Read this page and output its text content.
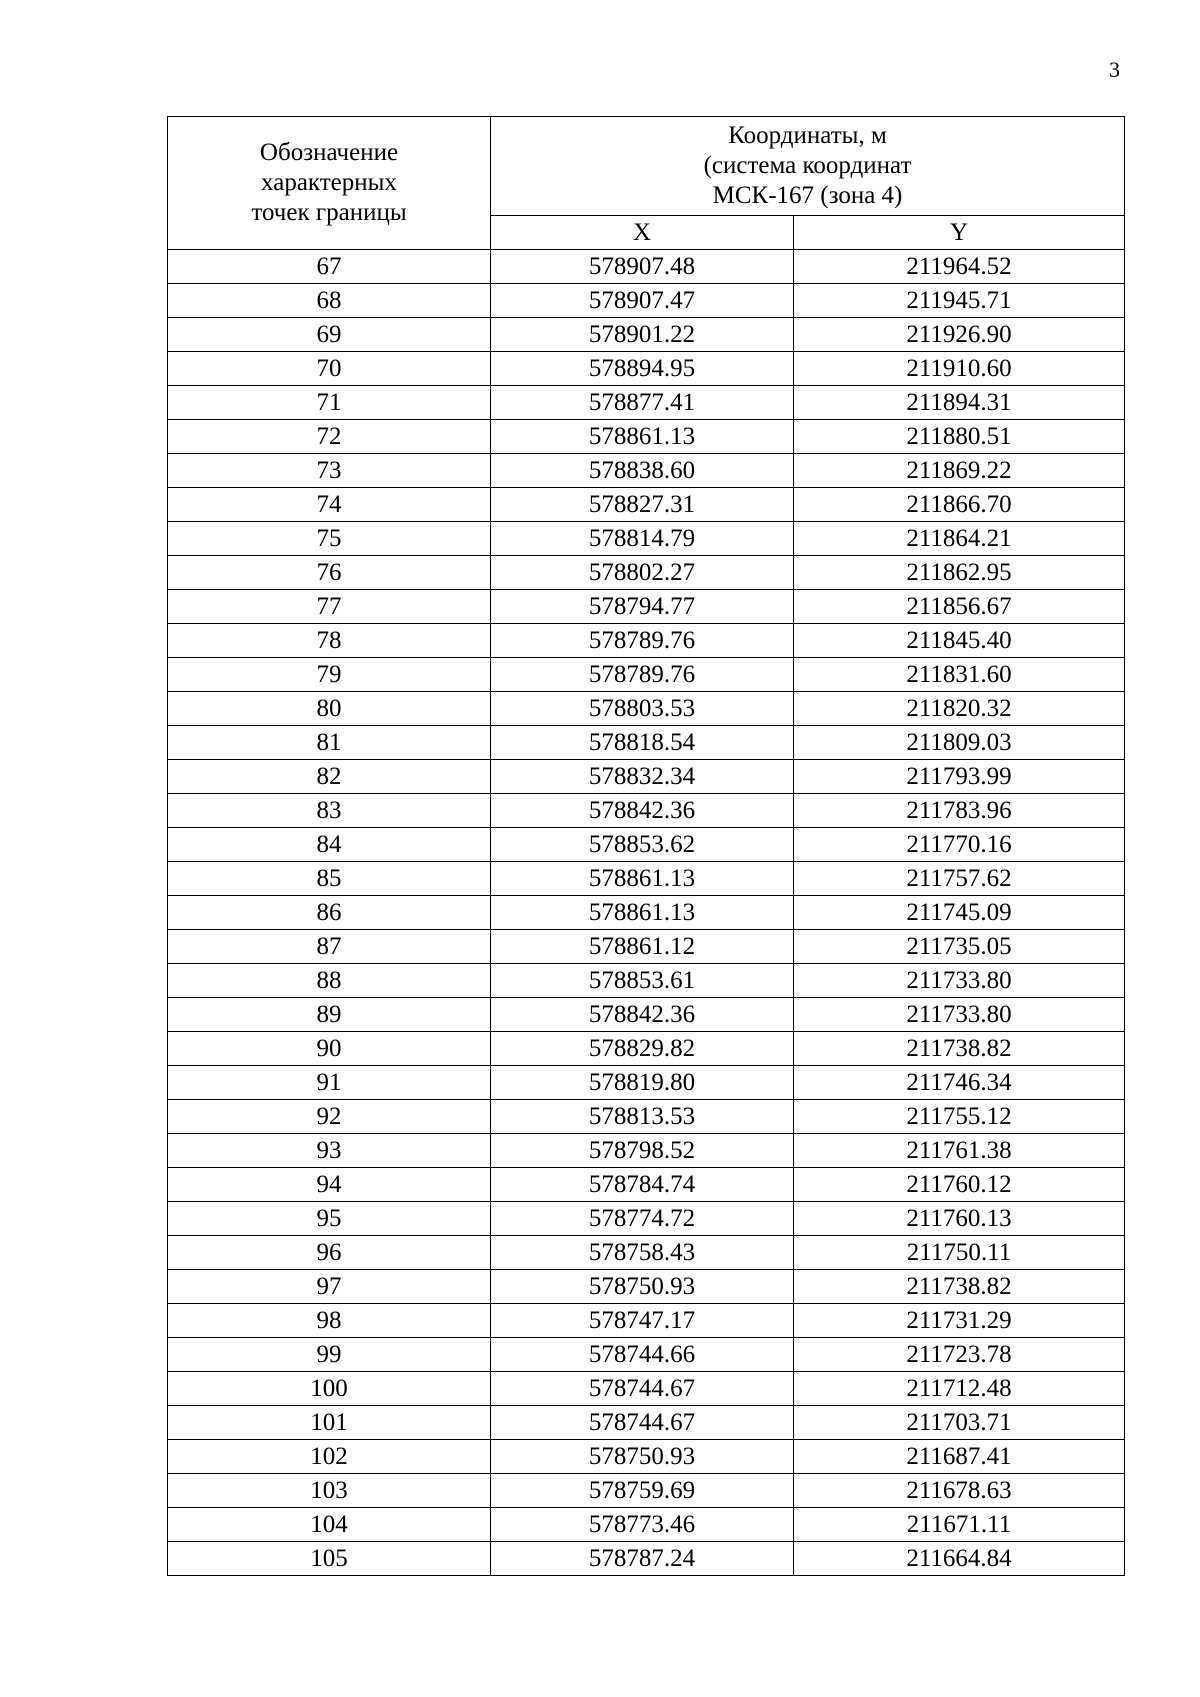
3
Обозначение
характерных
точек границы	Координаты, м
(система координат
МСК-167 (зона 4)	

	X	Y
67	578907.48	211964.52
68	578907.47	211945.71
69	578901.22	211926.90
70	578894.95	211910.60
71	578877.41	211894.31
72	578861.13	211880.51
73	578838.60	211869.22
74	578827.31	211866.70
75	578814.79	211864.21
76	578802.27	211862.95
77	578794.77	211856.67
78	578789.76	211845.40
79	578789.76	211831.60
80	578803.53	211820.32
81	578818.54	211809.03
82	578832.34	211793.99
83	578842.36	211783.96
84	578853.62	211770.16
85	578861.13	211757.62
86	578861.13	211745.09
87	578861.12	211735.05
88	578853.61	211733.80
89	578842.36	211733.80
90	578829.82	211738.82
91	578819.80	211746.34
92	578813.53	211755.12
93	578798.52	211761.38
94	578784.74	211760.12
95	578774.72	211760.13
96	578758.43	211750.11
97	578750.93	211738.82
98	578747.17	211731.29
99	578744.66	211723.78
100	578744.67	211712.48
101	578744.67	211703.71
102	578750.93	211687.41
103	578759.69	211678.63
104	578773.46	211671.11
105	578787.24	211664.84
